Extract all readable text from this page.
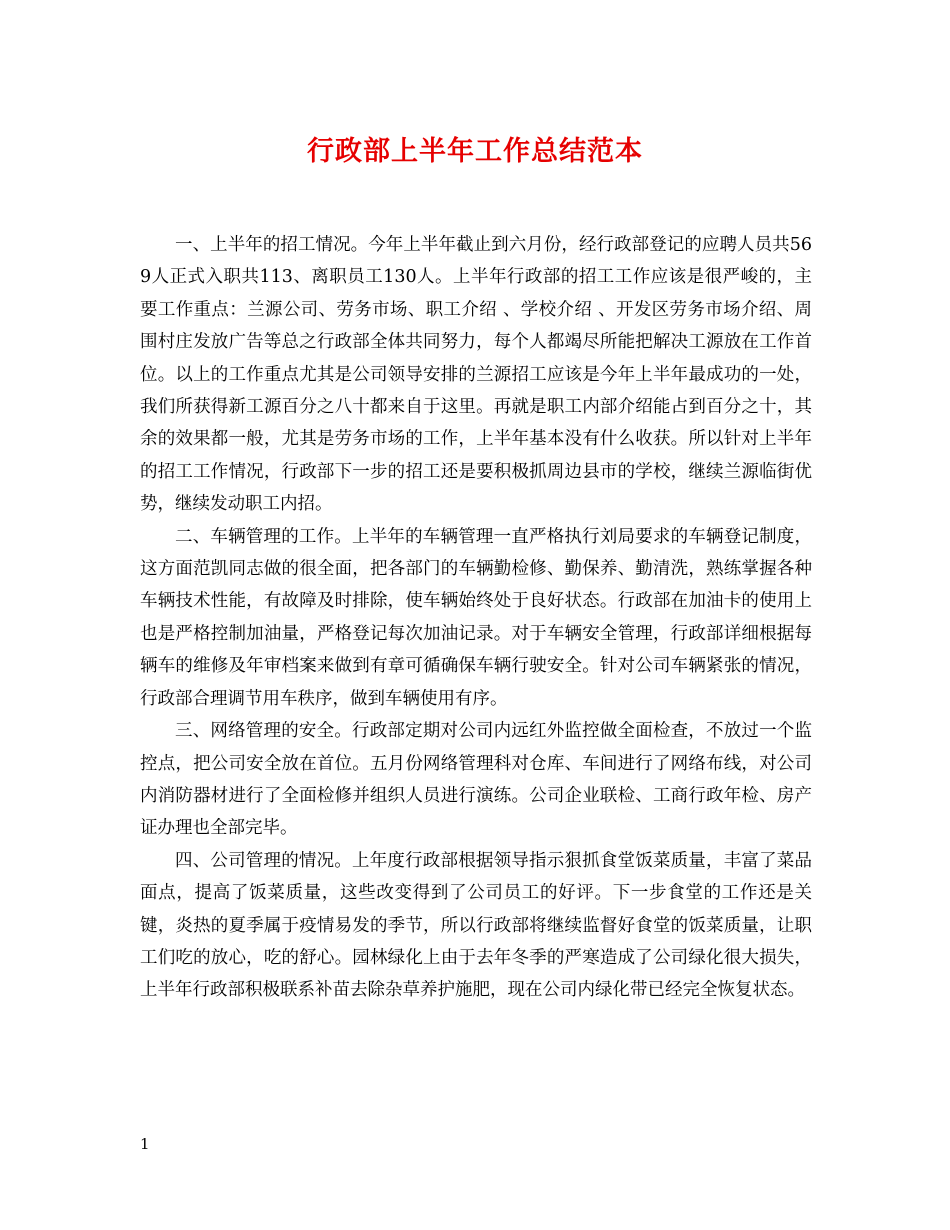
行政部上半年工作总结范本

一、上半年的招工情况。今年上半年截止到六月份，经行政部登记的应聘人员共569人正式入职共113、离职员工130人。上半年行政部的招工工作应该是很严峻的，主要工作重点：兰源公司、劳务市场、职工介绍 、学校介绍 、开发区劳务市场介绍、周围村庄发放广告等总之行政部全体共同努力，每个人都竭尽所能把解决工源放在工作首位。以上的工作重点尤其是公司领导安排的兰源招工应该是今年上半年最成功的一处，我们所获得新工源百分之八十都来自于这里。再就是职工内部介绍能占到百分之十，其余的效果都一般，尤其是劳务市场的工作，上半年基本没有什么收获。所以针对上半年的招工工作情况，行政部下一步的招工还是要积极抓周边县市的学校，继续兰源临街优势，继续发动职工内招。

二、车辆管理的工作。上半年的车辆管理一直严格执行刘局要求的车辆登记制度，这方面范凯同志做的很全面，把各部门的车辆勤检修、勤保养、勤清洗，熟练掌握各种车辆技术性能，有故障及时排除，使车辆始终处于良好状态。行政部在加油卡的使用上也是严格控制加油量，严格登记每次加油记录。对于车辆安全管理，行政部详细根据每辆车的维修及年审档案来做到有章可循确保车辆行驶安全。针对公司车辆紧张的情况，行政部合理调节用车秩序，做到车辆使用有序。

三、网络管理的安全。行政部定期对公司内远红外监控做全面检查，不放过一个监控点，把公司安全放在首位。五月份网络管理科对仓库、车间进行了网络布线，对公司内消防器材进行了全面检修并组织人员进行演练。公司企业联检、工商行政年检、房产证办理也全部完毕。

四、公司管理的情况。上年度行政部根据领导指示狠抓食堂饭菜质量，丰富了菜品面点，提高了饭菜质量，这些改变得到了公司员工的好评。下一步食堂的工作还是关键，炎热的夏季属于疫情易发的季节，所以行政部将继续监督好食堂的饭菜质量，让职工们吃的放心，吃的舒心。园林绿化上由于去年冬季的严寒造成了公司绿化很大损失，上半年行政部积极联系补苗去除杂草养护施肥，现在公司内绿化带已经完全恢复状态。

1
